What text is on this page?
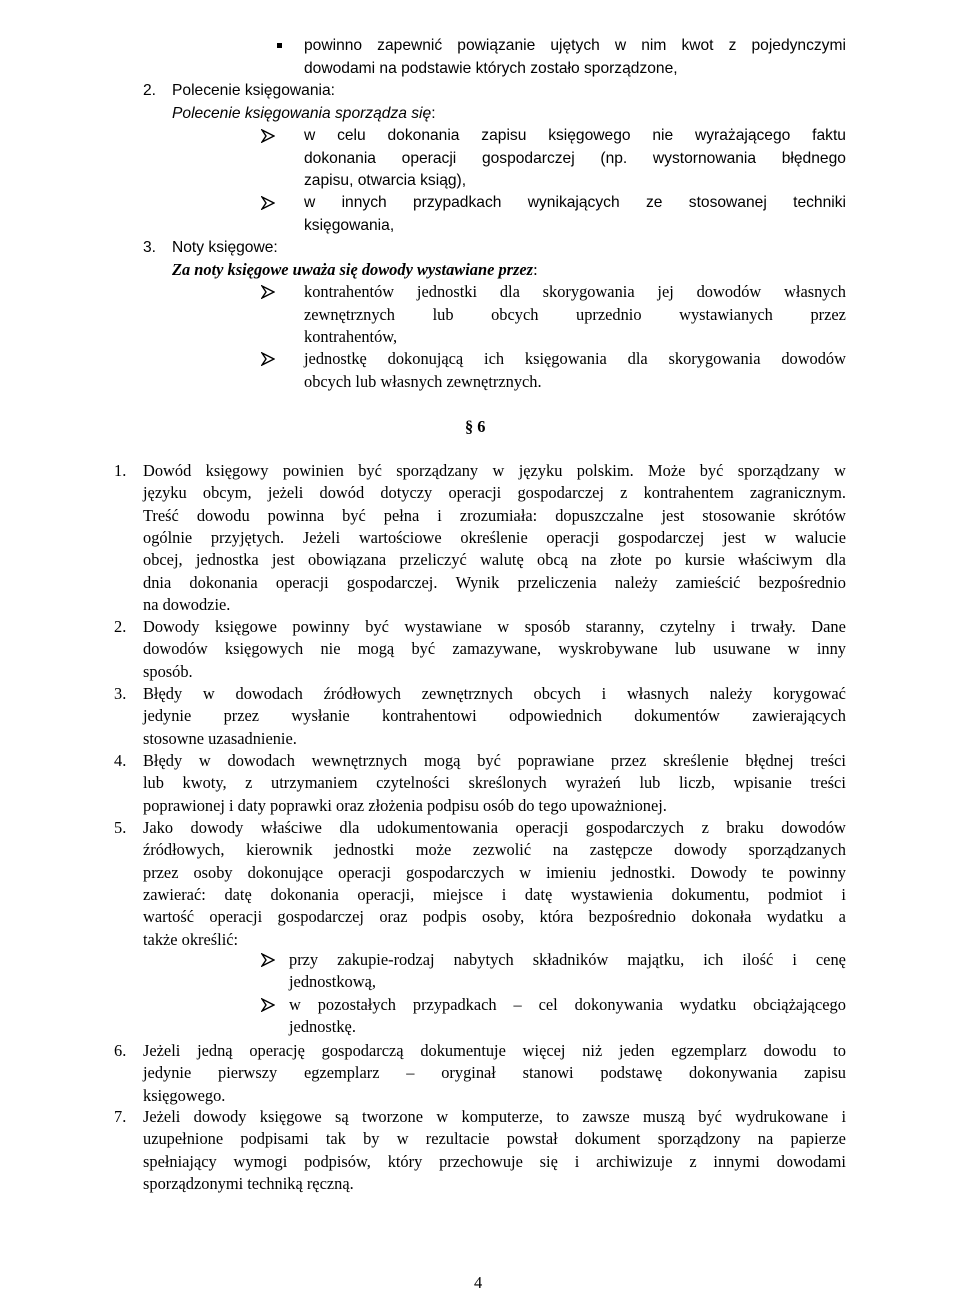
powinno zapewnić powiązanie ujętych w nim kwot z pojedynczymi
dowodami na podstawie których zostało sporządzone,
2. Polecenie księgowania:
Polecenie księgowania sporządza się:
w celu dokonania zapisu księgowego nie wyrażającego faktu
dokonania operacji gospodarczej (np. wystornowania błędnego
zapisu, otwarcia ksiąg),
w innych przypadkach wynikających ze stosowanej techniki
księgowania,
3. Noty księgowe:
Za noty księgowe uważa się dowody wystawiane przez:
kontrahentów jednostki dla skorygowania jej dowodów własnych
zewnętrznych lub obcych uprzednio wystawianych przez
kontrahentów,
jednostkę dokonującą ich księgowania dla skorygowania dowodów
obcych lub własnych zewnętrznych.
§ 6
1. Dowód księgowy powinien być sporządzany w języku polskim. Może być sporządzany w
języku obcym, jeżeli dowód dotyczy operacji gospodarczej z kontrahentem zagranicznym.
Treść dowodu powinna być pełna i zrozumiała: dopuszczalne jest stosowanie skrótów
ogólnie przyjętych. Jeżeli wartościowe określenie operacji gospodarczej jest w walucie
obcej, jednostka jest obowiązana przeliczyć walutę obcą na złote po kursie właściwym dla
dnia dokonania operacji gospodarczej. Wynik przeliczenia należy zamieścić bezpośrednio
na dowodzie.
2. Dowody księgowe powinny być wystawiane w sposób staranny, czytelny i trwały. Dane
dowodów księgowych nie mogą być zamazywane, wyskrobywane lub usuwane w inny
sposób.
3. Błędy w dowodach źródłowych zewnętrznych obcych i własnych należy korygować
jedynie przez wysłanie kontrahentowi odpowiednich dokumentów zawierających
stosowne uzasadnienie.
4. Błędy w dowodach wewnętrznych mogą być poprawiane przez skreślenie błędnej treści
lub kwoty, z utrzymaniem czytelności skreślonych wyrażeń lub liczb, wpisanie treści
poprawionej i daty poprawki oraz złożenia podpisu osób do tego upoważnionej.
5. Jako dowody właściwe dla udokumentowania operacji gospodarczych z braku dowodów
źródłowych, kierownik jednostki może zezwolić na zastępcze dowody sporządzanych
przez osoby dokonujące operacji gospodarczych w imieniu jednostki. Dowody te powinny
zawierać: datę dokonania operacji, miejsce i datę wystawienia dokumentu, podmiot i
wartość operacji gospodarczej oraz podpis osoby, która bezpośrednio dokonała wydatku a
także określić:
przy zakupie-rodzaj nabytych składników majątku, ich ilość i cenę
jednostkową,
w pozostałych przypadkach – cel dokonywania wydatku obciążającego
jednostkę.
6. Jeżeli jedną operację gospodarczą dokumentuje więcej niż jeden egzemplarz dowodu to
jedynie pierwszy egzemplarz – oryginał stanowi podstawę dokonywania zapisu
księgowego.
7. Jeżeli dowody księgowe są tworzone w komputerze, to zawsze muszą być wydrukowane i
uzupełnione podpisami tak by w rezultacie powstał dokument sporządzony na papierze
spełniający wymogi podpisów, który przechowuje się i archiwizuje z innymi dowodami
sporządzonymi techniką ręczną.
4
